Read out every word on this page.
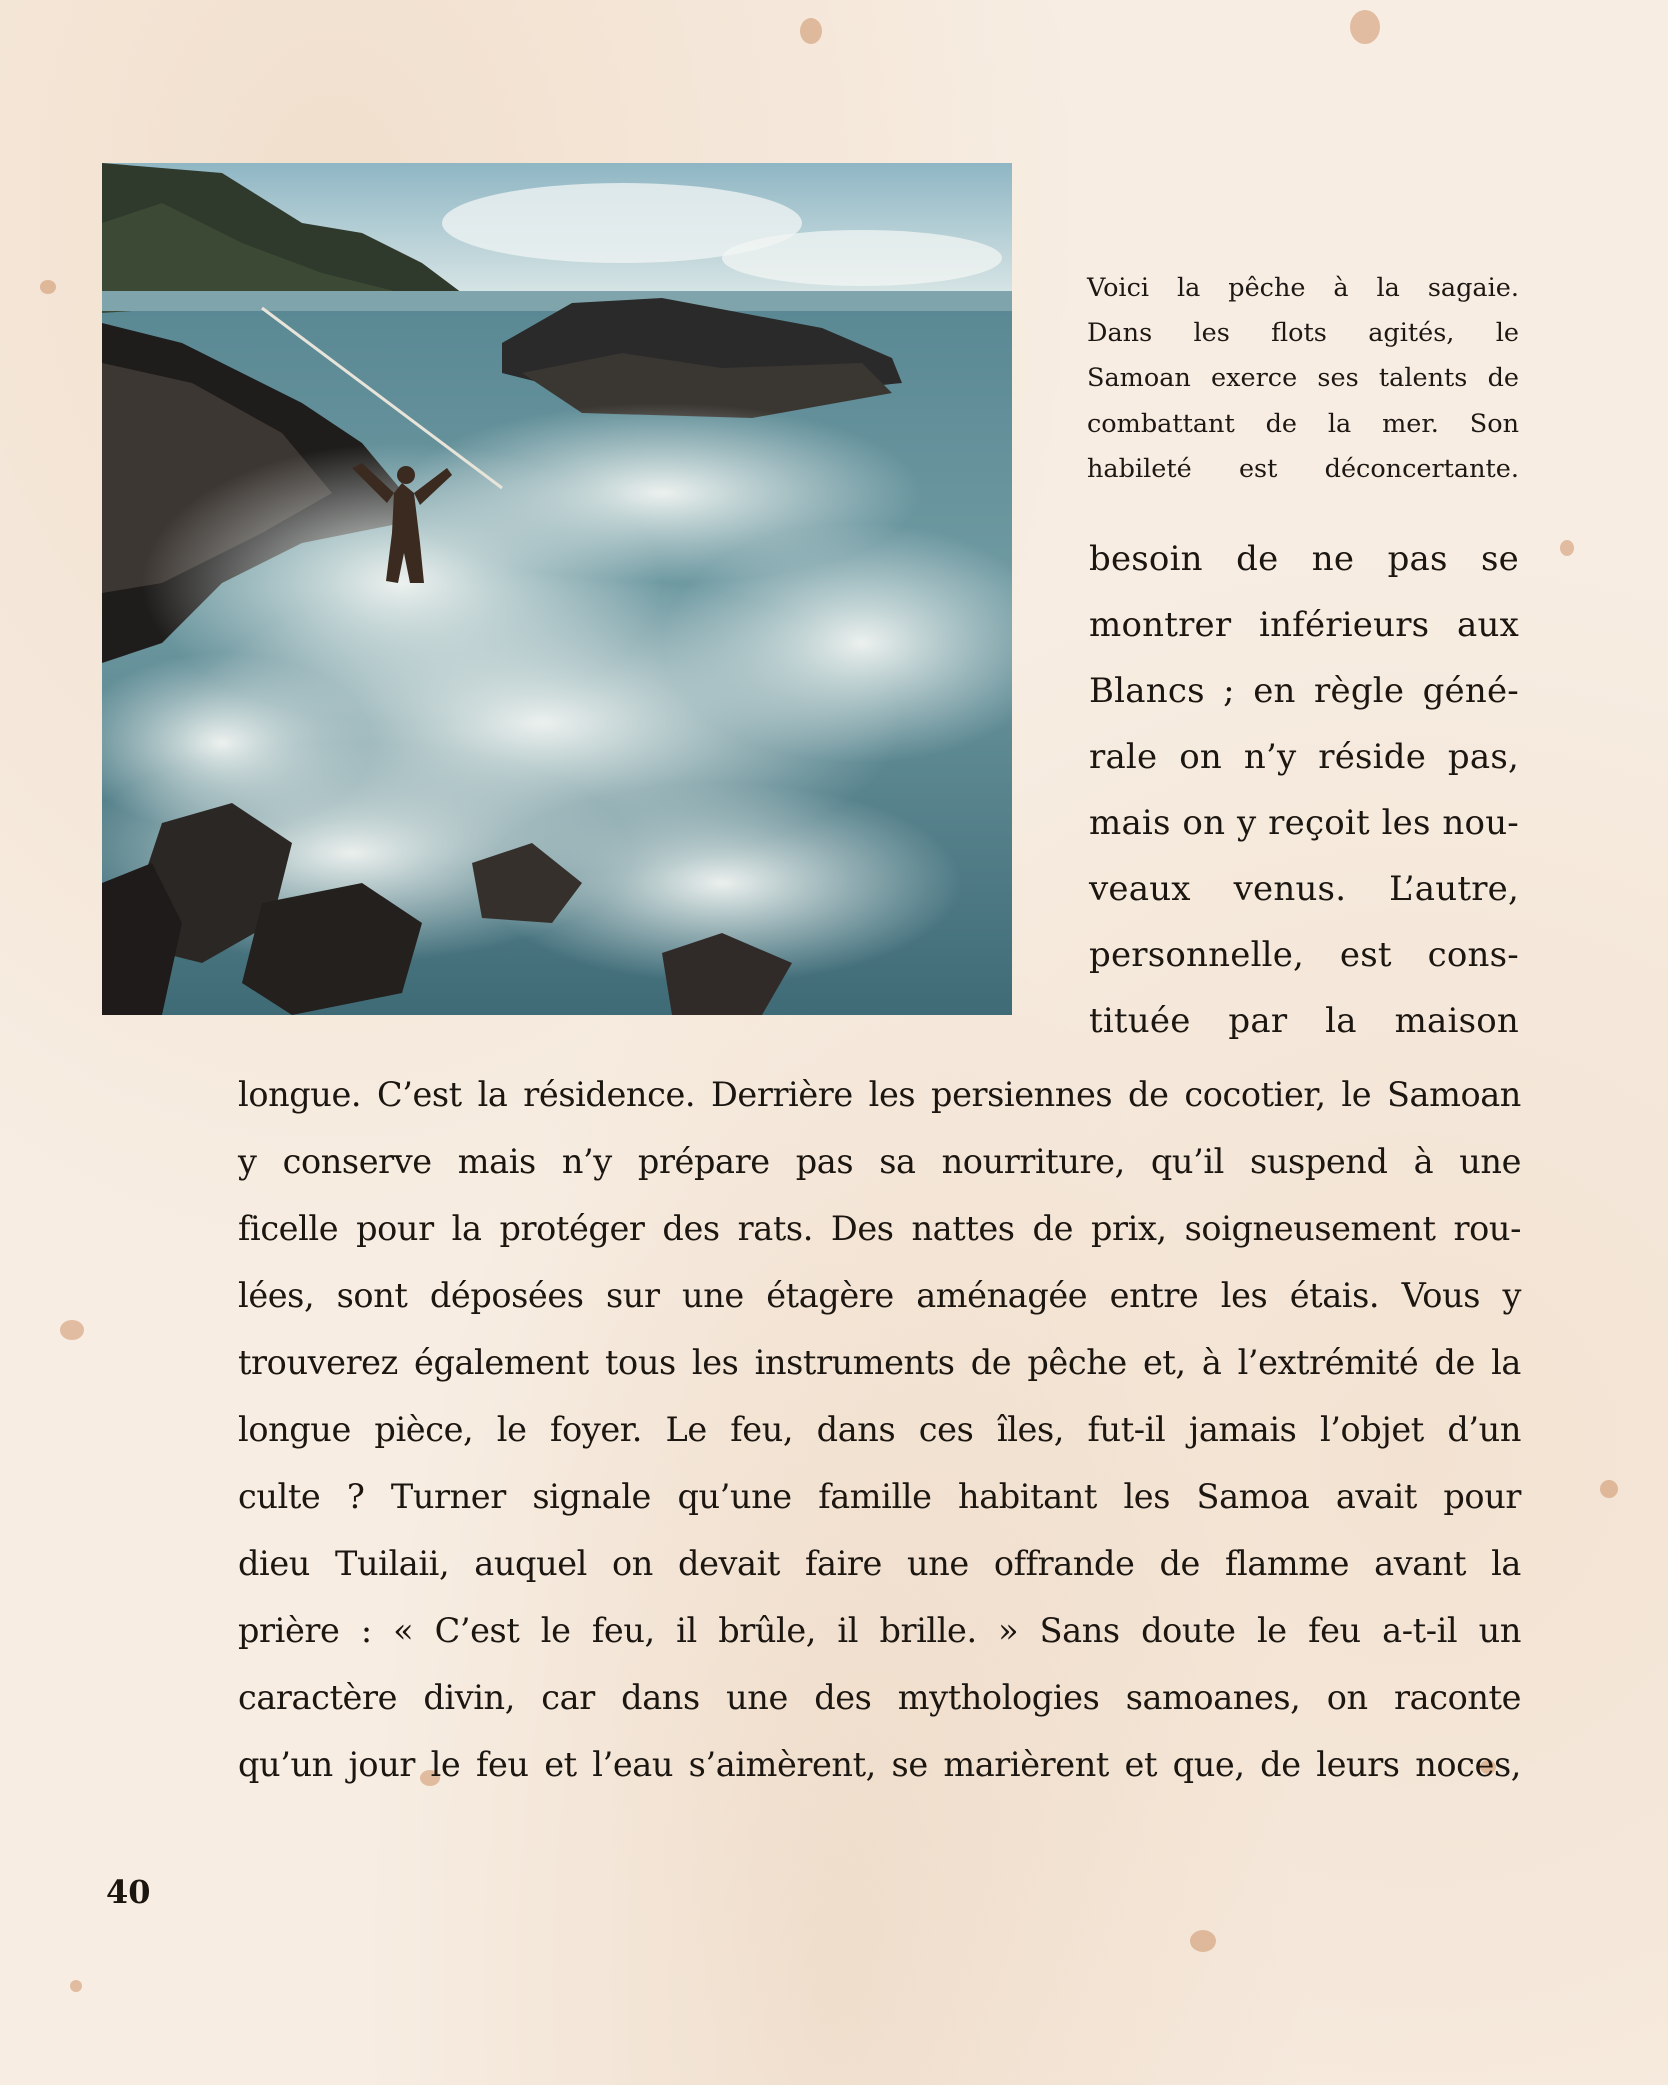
Voici la pêche à la sagaie.
Dans les flots agités, le
Samoan exerce ses talents de
combattant de la mer. Son
habileté est déconcertante.
besoin de ne pas se
montrer inférieurs aux
Blancs ; en règle géné-
rale on n’y réside pas,
mais on y reçoit les nou-
veaux venus. L’autre,
personnelle, est cons-
tituée par la maison
longue. C’est la résidence. Derrière les persiennes de cocotier, le Samoan
y conserve mais n’y prépare pas sa nourriture, qu’il suspend à une
ficelle pour la protéger des rats. Des nattes de prix, soigneusement rou-
lées, sont déposées sur une étagère aménagée entre les étais. Vous y
trouverez également tous les instruments de pêche et, à l’extrémité de la
longue pièce, le foyer. Le feu, dans ces îles, fut-il jamais l’objet d’un
culte ? Turner signale qu’une famille habitant les Samoa avait pour
dieu Tuilaii, auquel on devait faire une offrande de flamme avant la
prière : « C’est le feu, il brûle, il brille. » Sans doute le feu a-t-il un
caractère divin, car dans une des mythologies samoanes, on raconte
qu’un jour le feu et l’eau s’aimèrent, se marièrent et que, de leurs noces,
40
